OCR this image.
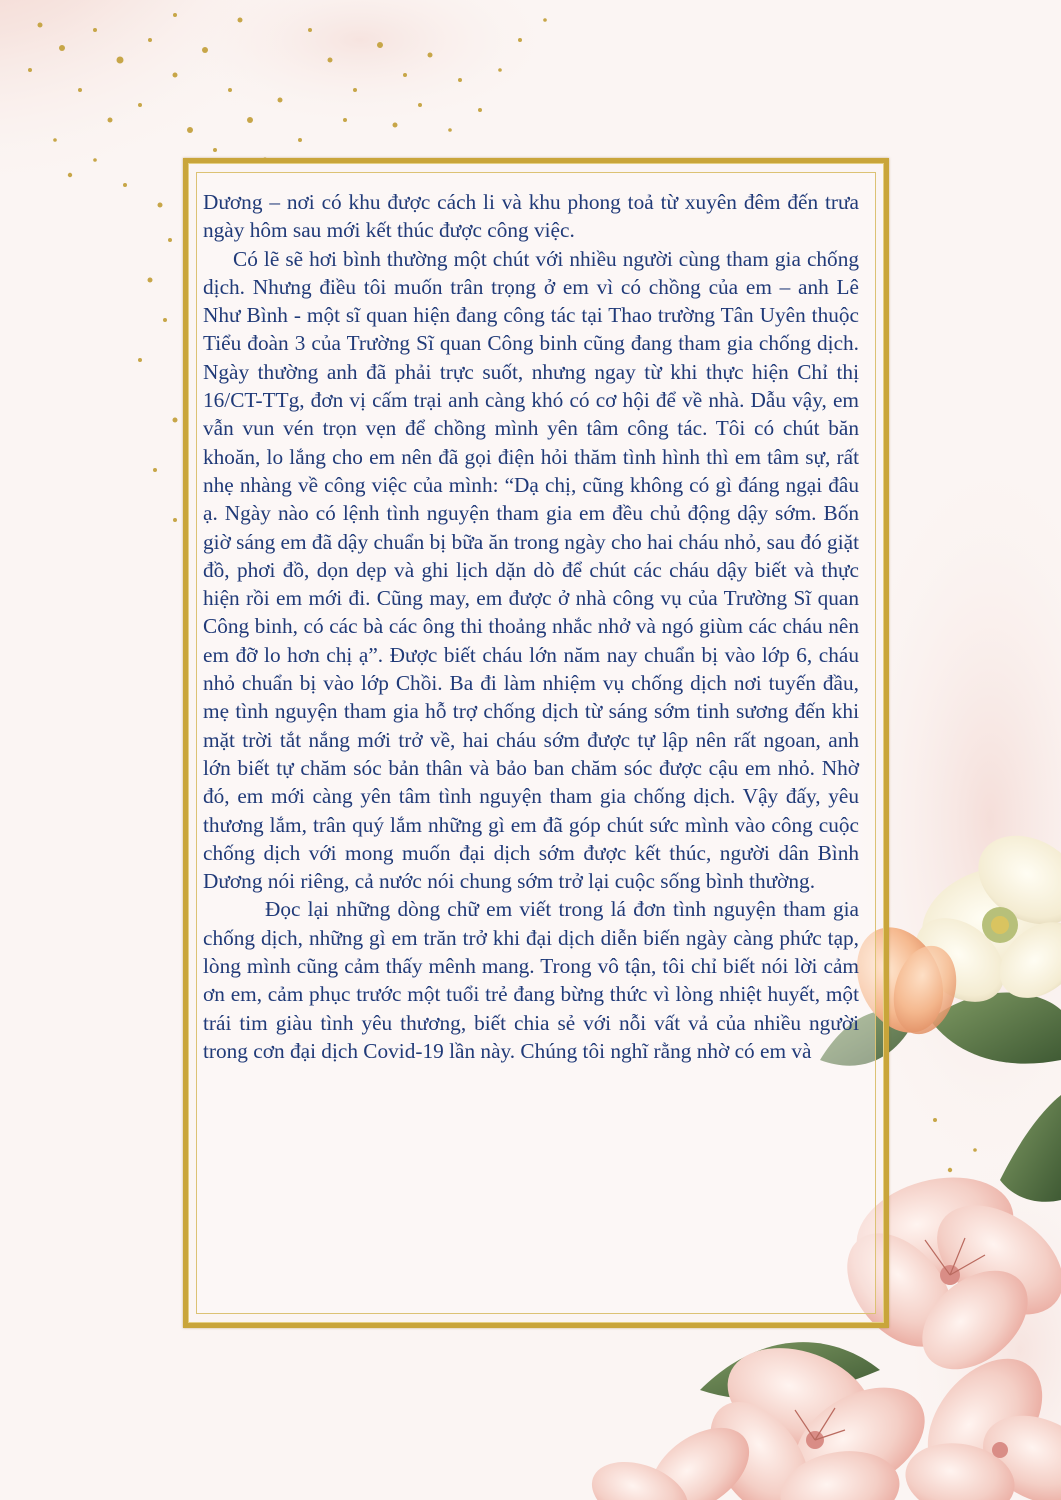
Dương – nơi có khu được cách li và khu phong toả từ xuyên đêm đến trưa ngày hôm sau mới kết thúc được công việc.

Có lẽ sẽ hơi bình thường một chút với nhiều người cùng tham gia chống dịch. Nhưng điều tôi muốn trân trọng ở em vì có chồng của em – anh Lê Như Bình - một sĩ quan hiện đang công tác tại Thao trường Tân Uyên thuộc Tiểu đoàn 3 của Trường Sĩ quan Công binh cũng đang tham gia chống dịch. Ngày thường anh đã phải trực suốt, nhưng ngay từ khi thực hiện Chỉ thị 16/CT-TTg, đơn vị cấm trại anh càng khó có cơ hội để về nhà. Dẫu vậy, em vẫn vun vén trọn vẹn để chồng mình yên tâm công tác. Tôi có chút băn khoăn, lo lắng cho em nên đã gọi điện hỏi thăm tình hình thì em tâm sự, rất nhẹ nhàng về công việc của mình: “Dạ chị, cũng không có gì đáng ngại đâu ạ. Ngày nào có lệnh tình nguyện tham gia em đều chủ động dậy sớm. Bốn giờ sáng em đã dậy chuẩn bị bữa ăn trong ngày cho hai cháu nhỏ, sau đó giặt đồ, phơi đồ, dọn dẹp và ghi lịch dặn dò để chút các cháu dậy biết và thực hiện rồi em mới đi. Cũng may, em được ở nhà công vụ của Trường Sĩ quan Công binh, có các bà các ông thi thoảng nhắc nhở và ngó giùm các cháu nên em đỡ lo hơn chị ạ”. Được biết cháu lớn năm nay chuẩn bị vào lớp 6, cháu nhỏ chuẩn bị vào lớp Chồi. Ba đi làm nhiệm vụ chống dịch nơi tuyến đầu, mẹ tình nguyện tham gia hỗ trợ chống dịch từ sáng sớm tinh sương đến khi mặt trời tắt nắng mới trở về, hai cháu sớm được tự lập nên rất ngoan, anh lớn biết tự chăm sóc bản thân và bảo ban chăm sóc được cậu em nhỏ. Nhờ đó, em mới càng yên tâm tình nguyện tham gia chống dịch. Vậy đấy, yêu thương lắm, trân quý lắm những gì em đã góp chút sức mình vào công cuộc chống dịch với mong muốn đại dịch sớm được kết thúc, người dân Bình Dương nói riêng, cả nước nói chung sớm trở lại cuộc sống bình thường.

Đọc lại những dòng chữ em viết trong lá đơn tình nguyện tham gia chống dịch, những gì em trăn trở khi đại dịch diễn biến ngày càng phức tạp, lòng mình cũng cảm thấy mênh mang. Trong vô tận, tôi chỉ biết nói lời cảm ơn em, cảm phục trước một tuổi trẻ đang bừng thức vì lòng nhiệt huyết, một trái tim giàu tình yêu thương, biết chia sẻ với nỗi vất vả của nhiều người trong cơn đại dịch Covid-19 lần này. Chúng tôi nghĩ rằng nhờ có em và
